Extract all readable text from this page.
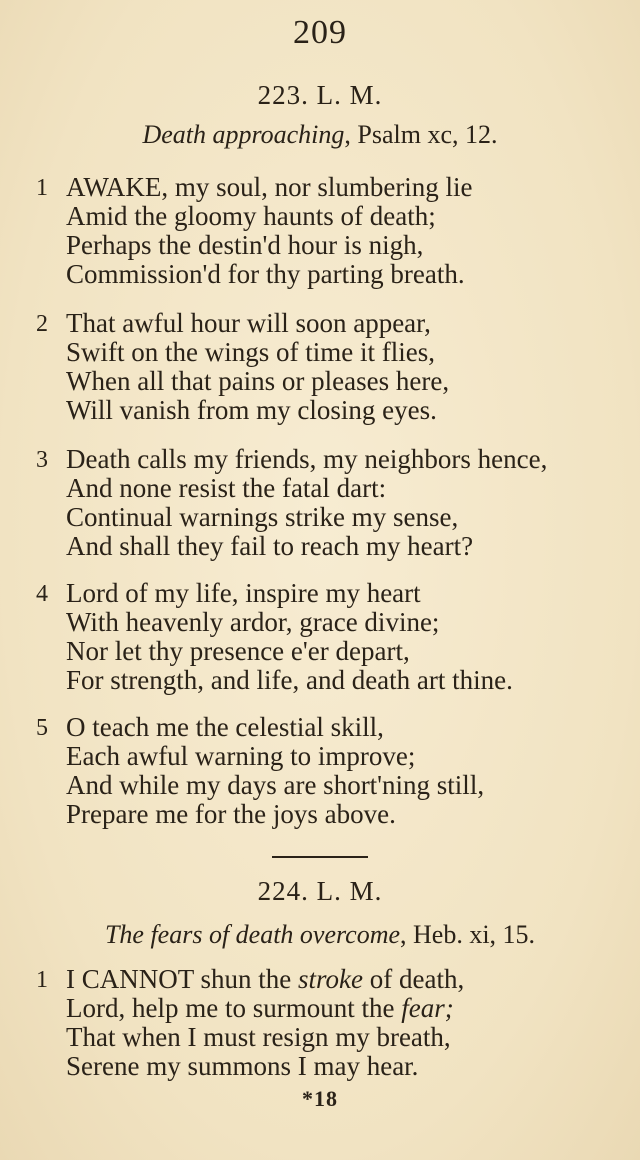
209
223. L. M.
Death approaching, Psalm xc, 12.
1 AWAKE, my soul, nor slumbering lie
Amid the gloomy haunts of death;
Perhaps the destin'd hour is nigh,
Commission'd for thy parting breath.
2 That awful hour will soon appear,
Swift on the wings of time it flies,
When all that pains or pleases here,
Will vanish from my closing eyes.
3 Death calls my friends, my neighbors hence,
And none resist the fatal dart:
Continual warnings strike my sense,
And shall they fail to reach my heart?
4 Lord of my life, inspire my heart
With heavenly ardor, grace divine;
Nor let thy presence e'er depart,
For strength, and life, and death art thine.
5 O teach me the celestial skill,
Each awful warning to improve;
And while my days are short'ning still,
Prepare me for the joys above.
224. L. M.
The fears of death overcome, Heb. xi, 15.
1 I CANNOT shun the stroke of death,
Lord, help me to surmount the fear;
That when I must resign my breath,
Serene my summons I may hear.
*18
